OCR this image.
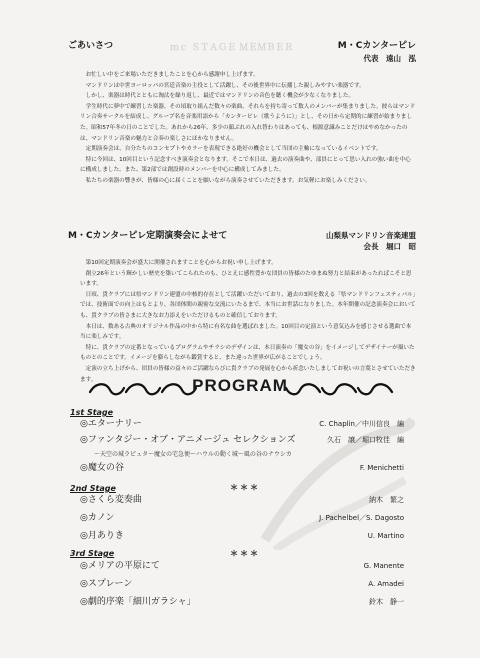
ｍｃ ＳＴＡＧＥ ＭＥＭＢＥＲ
ごあいさつ	M・Cカンターピレ
代表　遠山　泓

お忙しい中をご来場いただきましたことを心から感謝申し上げます。

マンドリンは中世ヨーロッパの宮廷音楽の主役として活躍し、その後世界中に伝播した親しみやすい楽器です。

しかし、楽器は時代とともに淘汰を繰り返し、最近ではマンドリンの音色を聴く機会が少なくなりました。

学生時代に夢中で練習した楽器、その頃取り組んだ数々の楽曲、それらを持ち寄って数人のメンバーが集まりました。彼らはマンドリン合奏サークルを結成し、グループ名を音楽用語から「カンターピレ（歌うように）」とし、その日から定期的に練習が始まりました。昭和57年冬の日のことでした。あれから26年、多少の顔ぶれの入れ替わりはあっても、根源意識みことだけはやめなかったのは、マンドリン音楽の魅力と合奏の楽しさにほかなりません。

定期演奏会は、自分たちのコンセプトやカラーを表現できる絶好の機会として当団の主軸になっているイベントです。

特に今回は、10回目という記念すべき演奏会となります。そこで本日は、過去の演奏曲や、部員にとって思い入れの強い曲を中心に構成しました。また、第2部では創設時のメンバーを中心に構成してみました。

私たちの楽器の響きが、皆様の心に届くことを願いながら演奏させていただきます。お気軽にお楽しみください。

M・Cカンターピレ定期演奏会によせて	山梨県マンドリン音楽連盟
会長　堀口　昭

第10回定期演奏会が盛大に開催されますことを心からお祝い申し上げます。

創立26年という輝かしい歴史を築いてこられたのも、ひとえに感性豊かな団員の皆様のたゆまぬ努力と結束があったればこそと思います。

日頃、貴クラブには県マンドリン連盟の中核的存在として活躍いただいており、過去の3回を数える「県マンドリンフェスティバル」では、技術面での向上はもとより、各団体間の親密な交流にいたるまで、本当にお世話になりました。本年開催の記念演奏会においても、貴クラブの皆さまに大きなお力添えをいただけるものと確信しております。

本日は、数ある古典のオリジナル作品の中から特に有名な曲を選ばれました。10回目の定演という意気込みを感じさせる選曲で本当に楽しみです。

特に、貴クラブの定番となっているプログラムやチラシのデザインは、本日演奏の「魔女の谷」をイメージしてデザイナーが描いたものとのことです。イメージを膨らしながら鑑賞すると、また違った世界が広がることでしょう。

定演の立ち上げから、団員の皆様の益々のご活躍ならびに貴クラブの発展を心から祈念いたしましてお祝いの言葉とさせていただきます。	PROGRAM
1st Stage
◎エターナリー	C. Chaplin／中川信良　編
◎ファンタジー・オブ・アニメージュ セレクションズ	久石　譲／堀口牧佳　編
～天空の城ラピュタ～魔女の宅急便～ハウルの動く城～風の谷のナウシカ
◎魔女の谷	F. Menichetti
＊＊＊
2nd Stage
◎さくら変奏曲	納木　繁之
◎カノン	J. Pachelbel／S. Dagosto
◎月ありき	U. Martino
＊＊＊
3rd Stage
◎メリアの平原にて	G. Manente
◎スプレーン	A. Amadei
◎劇的序楽「細川ガラシャ」	鈴木　静一
